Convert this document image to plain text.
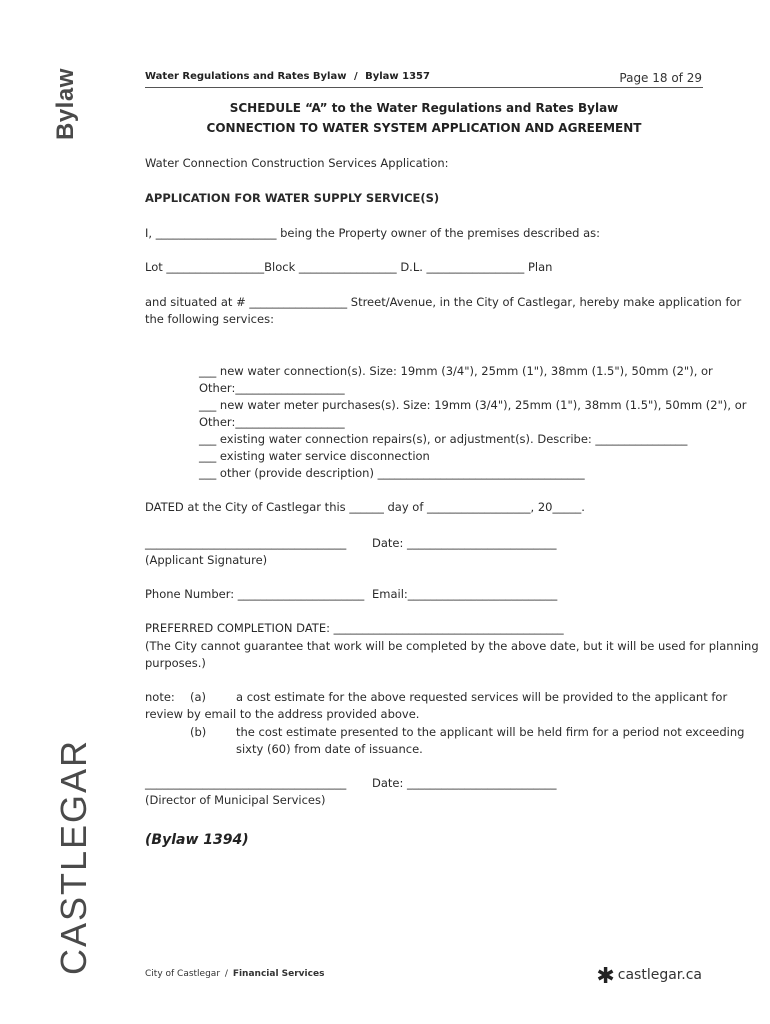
Bylaw
CASTLEGAR
Water Regulations and Rates Bylaw / Bylaw 1357	Page 18 of 29
SCHEDULE “A” to the Water Regulations and Rates Bylaw
CONNECTION TO WATER SYSTEM APPLICATION AND AGREEMENT
Water Connection Construction Services Application:
APPLICATION FOR WATER SUPPLY SERVICE(S)
I, _____________________ being the Property owner of the premises described as:
Lot _________________Block _________________ D.L. _________________ Plan
and situated at # _________________ Street/Avenue, in the City of Castlegar, hereby make application for
the following services:
___ new water connection(s). Size: 19mm (3/4"), 25mm (1"), 38mm (1.5"), 50mm (2"), or
Other:___________________
___ new water meter purchases(s). Size: 19mm (3/4"), 25mm (1"), 38mm (1.5"), 50mm (2"), or
Other:___________________
___ existing water connection repairs(s), or adjustment(s). Describe: ________________
___ existing water service disconnection
___ other (provide description) ____________________________________
DATED at the City of Castlegar this ______ day of __________________, 20_____.
___________________________________ Date: __________________________
(Applicant Signature)
Phone Number: ______________________ Email:__________________________
PREFERRED COMPLETION DATE: ________________________________________
(The City cannot guarantee that work will be completed by the above date, but it will be used for planning
purposes.)
note: (a)	a cost estimate for the above requested services will be provided to the applicant for
review by email to the address provided above.
(b)	the cost estimate presented to the applicant will be held firm for a period not exceeding
sixty (60) from date of issuance.
___________________________________ Date: __________________________
(Director of Municipal Services)
(Bylaw 1394)
City of Castlegar / Financial Services	✱ castlegar.ca
